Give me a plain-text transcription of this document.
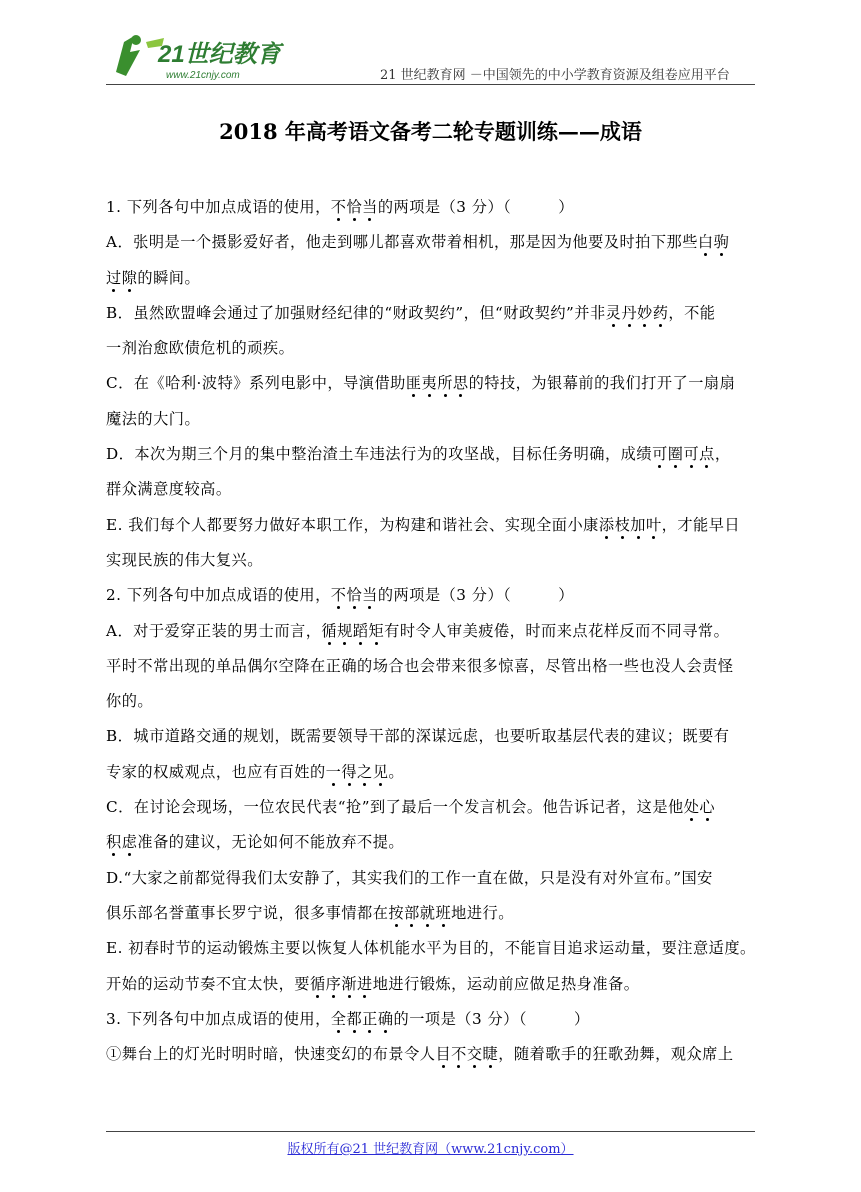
21世纪教育
www.21cnjy.com	21 世纪教育网 －中国领先的中小学教育资源及组卷应用平台
2018 年高考语文备考二轮专题训练——成语

1. 下列各句中加点成语的使用，不恰当的两项是（3 分）（　　　）

A．张明是一个摄影爱好者，他走到哪儿都喜欢带着相机，那是因为他要及时拍下那些白驹

过隙的瞬间。

B．虽然欧盟峰会通过了加强财经纪律的“财政契约”，但“财政契约”并非灵丹妙药，不能

一剂治愈欧债危机的顽疾。

C．在《哈利·波特》系列电影中，导演借助匪夷所思的特技，为银幕前的我们打开了一扇扇

魔法的大门。

D．本次为期三个月的集中整治渣土车违法行为的攻坚战，目标任务明确，成绩可圈可点，

群众满意度较高。

E. 我们每个人都要努力做好本职工作，为构建和谐社会、实现全面小康添枝加叶，才能早日

实现民族的伟大复兴。

2. 下列各句中加点成语的使用，不恰当的两项是（3 分）（　　　）

A．对于爱穿正装的男士而言，循规蹈矩有时令人审美疲倦，时而来点花样反而不同寻常。

平时不常出现的单品偶尔空降在正确的场合也会带来很多惊喜，尽管出格一些也没人会责怪

你的。

B．城市道路交通的规划，既需要领导干部的深谋远虑，也要听取基层代表的建议；既要有

专家的权威观点，也应有百姓的一得之见。

C．在讨论会现场，一位农民代表“抢”到了最后一个发言机会。他告诉记者，这是他处心

积虑准备的建议，无论如何不能放弃不提。

D.“大家之前都觉得我们太安静了，其实我们的工作一直在做，只是没有对外宣布。”国安

俱乐部名誉董事长罗宁说，很多事情都在按部就班地进行。

E. 初春时节的运动锻炼主要以恢复人体机能水平为目的，不能盲目追求运动量，要注意适度。

开始的运动节奏不宜太快，要循序渐进地进行锻炼，运动前应做足热身准备。

3. 下列各句中加点成语的使用，全都正确的一项是（3 分）（　　　）

①舞台上的灯光时明时暗，快速变幻的布景令人目不交睫，随着歌手的狂歌劲舞，观众席上

版权所有@21 世纪教育网（www.21cnjy.com）
